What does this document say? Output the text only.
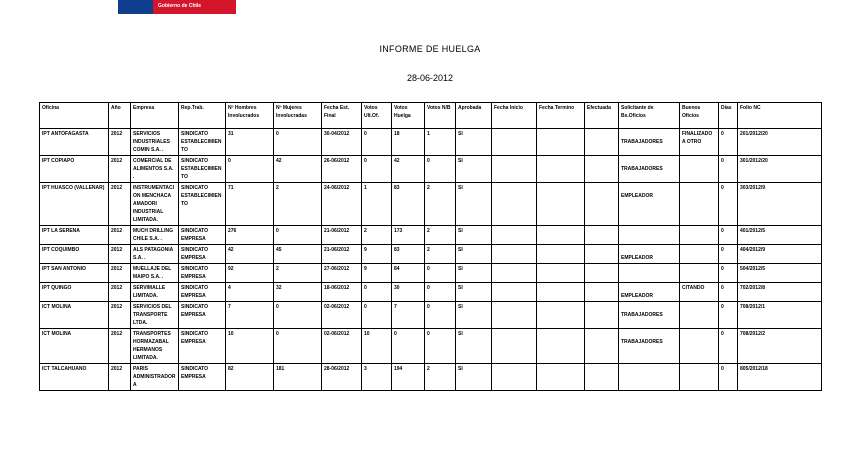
Gobierno de Chile
INFORME DE HUELGA
28-06-2012
Oficina	Año	Empresa	Rep.Trab.	Nº Hombres Involucrados	Nº Mujeres Involucradas	Fecha Est. Final	Votos Ult.Of.	Votos Huelga	Votos N/B	Aprobada	Fecha Inicio	Fecha Termino	Efectuada	Solicitante de Bs.Oficios	Buenos Oficios	Días	Folio NC
IPT ANTOFAGASTA	2012	SERVICIOS INDUSTRIALES COMIN S.A. .	SINDICATO ESTABLECIMIENTO	31	0	30-04/2012	0	18	1	SI				TRABAJADORES	FINALIZADO A OTRO	0	201/2012/20
IPT COPIAPO	2012	COMERCIAL DE ALIMENTOS S.A. .	SINDICATO ESTABLECIMIENTO	0	42	26-06/2012	0	42	0	SI				TRABAJADORES		0	301/2012/20
IPT HUASCO (VALLENAR)	2012	INSTRUMENTACION MENCHACA AMADORI INDUSTRIAL LIMITADA.	SINDICATO ESTABLECIMIENTO	71	2	24-06/2012	1	83	2	SI				EMPLEADOR		0	303/2012/9
IPT LA SERENA	2012	MUCH DRILLING CHILE S.A. .	SINDICATO EMPRESA	276	0	21-06/2012	2	173	2	SI						0	401/2012/5
IPT COQUIMBO	2012	ALS PATAGONIA S.A. .	SINDICATO EMPRESA	42	45	21-06/2012	9	83	2	SI				EMPLEADOR		0	404/2012/9
IPT SAN ANTONIO	2012	MUELLAJE DEL MAIPO S.A. .	SINDICATO EMPRESA	92	2	27-06/2012	9	84	0	SI						0	504/2012/5
IPT QUINGO	2012	SERVIMALLE LIMITADA.	SINDICATO EMPRESA	4	32	18-06/2012	0	30	0	SI				EMPLEADOR	CITANDO	0	702/2012/8
ICT MOLINA	2012	SERVICIOS DEL TRANSPORTE LTDA.	SINDICATO EMPRESA	7	0	02-06/2012	0	7	0	SI				TRABAJADORES		0	708/2012/1
ICT MOLINA	2012	TRANSPORTES HORMAZABAL HERMANOS LIMITADA.	SINDICATO EMPRESA	10	0	02-06/2012	10	0	0	SI				TRABAJADORES		0	708/2012/2
ICT TALCAHUANO	2012	PARIS ADMINISTRADORA	SINDICATO EMPRESA	82	181	28-06/2012	3	194	2	SI						0	805/2012/18
